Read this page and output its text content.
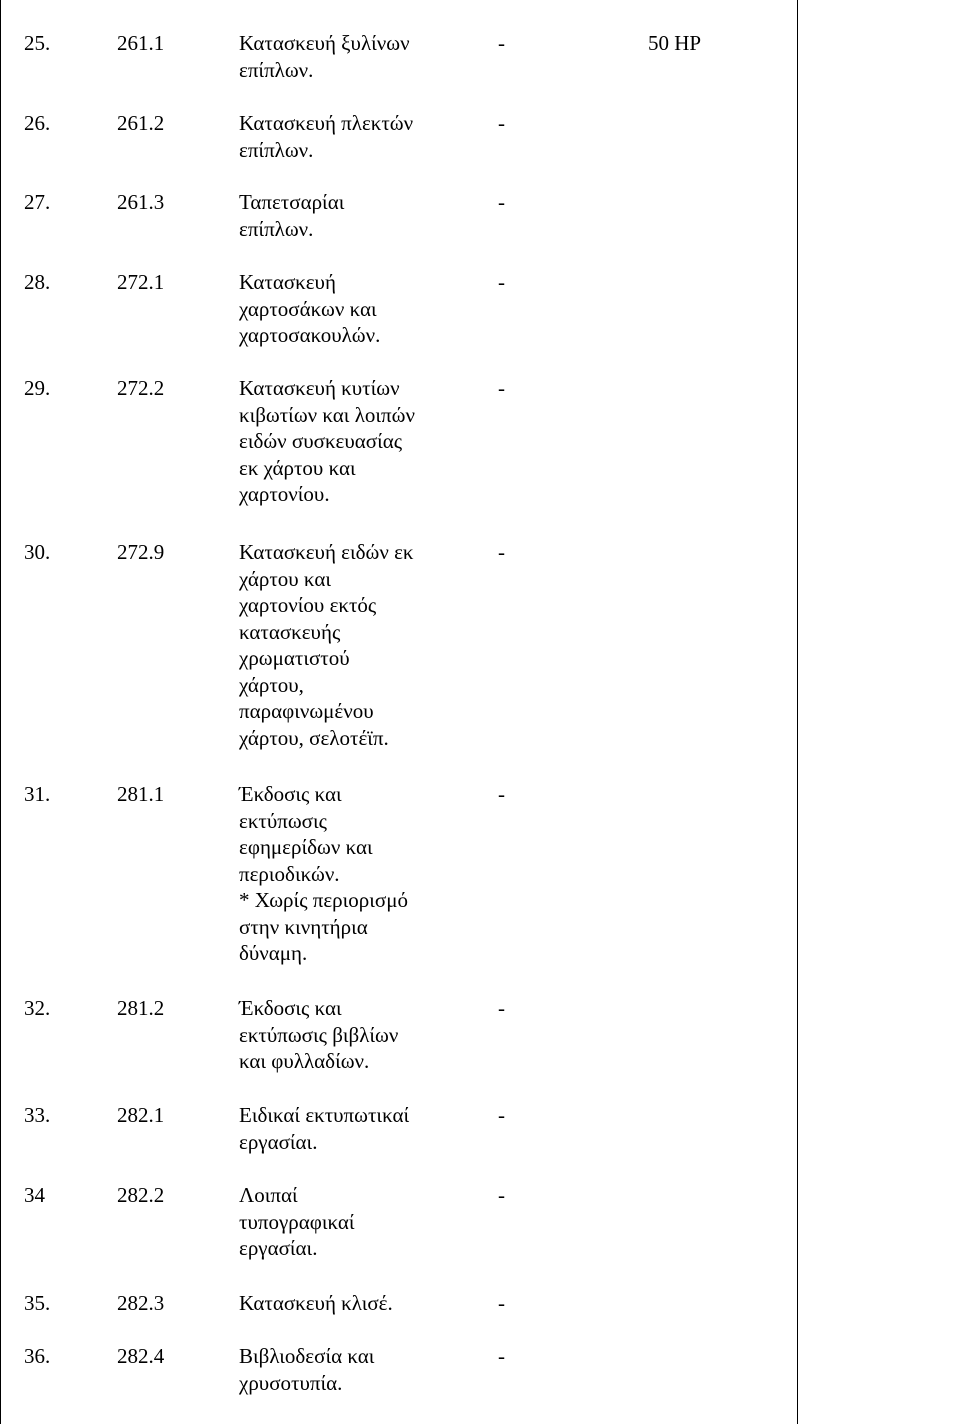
25.	261.1	Κατασκευή ξυλίνων
επίπλων.
-	50 HP
26.	261.2	Κατασκευή πλεκτών
επίπλων.
-
27.	261.3	Ταπετσαρίαι
επίπλων.
-
28.	272.1	Κατασκευή
χαρτοσάκων και
χαρτοσακουλών.
-
29.	272.2	Κατασκευή κυτίων
κιβωτίων και λοιπών
ειδών συσκευασίας
εκ χάρτου και
χαρτονίου.
-
30.	272.9	Κατασκευή ειδών εκ
χάρτου και
χαρτονίου εκτός
κατασκευής
χρωματιστού
χάρτου,
παραφινωμένου
χάρτου, σελοτέϊπ.
-
31.	281.1	Έκδοσις και
εκτύπωσις
εφημερίδων και
περιοδικών.
* Χωρίς περιορισμό
στην κινητήρια
δύναμη.
-
32.	281.2	Έκδοσις και
εκτύπωσις βιβλίων
και φυλλαδίων.
-
33.	282.1	Ειδικαί εκτυπωτικαί
εργασίαι.
-
34	282.2	Λοιπαί
τυπογραφικαί
εργασίαι.
-
35.	282.3	Κατασκευή κλισέ.	-
36.	282.4	Βιβλιοδεσία και
χρυσοτυπία.
-
